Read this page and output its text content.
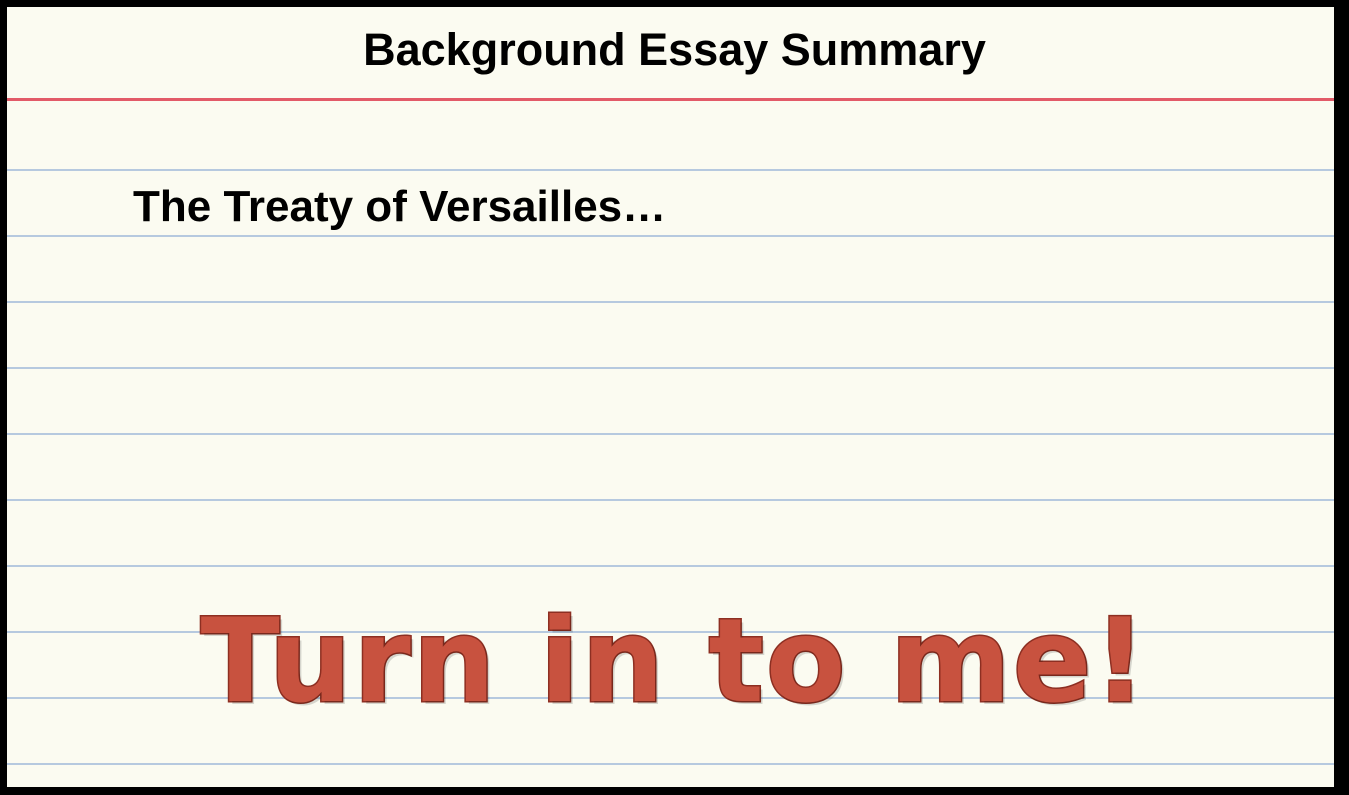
Background Essay Summary
The Treaty of Versailles…
Turn in to me!
